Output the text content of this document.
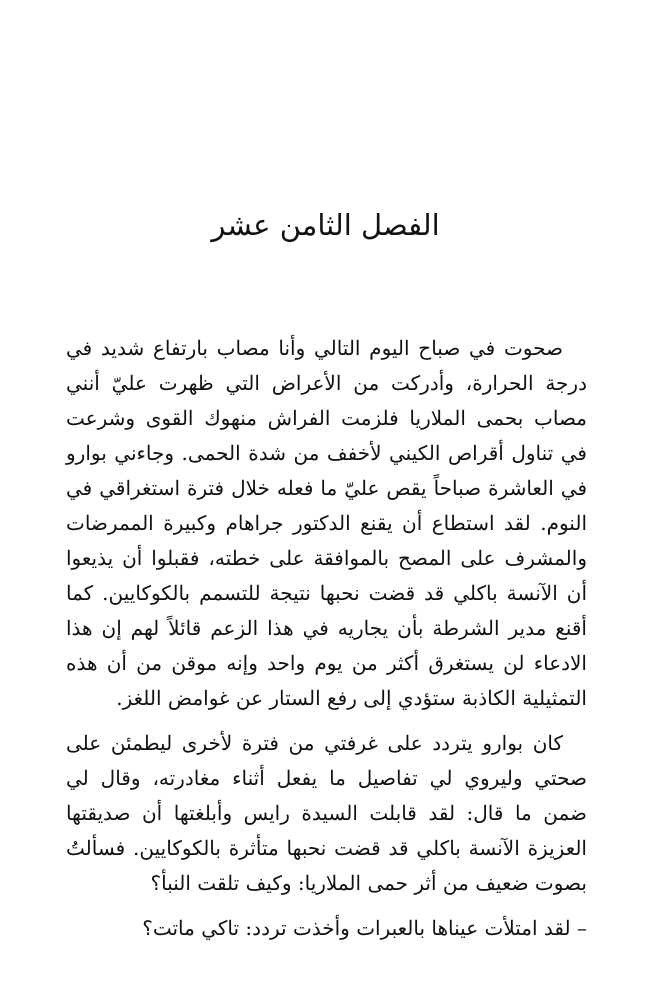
الفصل الثامن عشر

صحوت في صباح اليوم التالي وأنا مصاب بارتفاع شديد في درجة الحرارة، وأدركت من الأعراض التي ظهرت عليّ أنني مصاب بحمى الملاريا فلزمت الفراش منهوك القوى وشرعت في تناول أقراص الكيني لأخفف من شدة الحمى. وجاءني بوارو في العاشرة صباحاً يقص عليّ ما فعله خلال فترة استغراقي في النوم. لقد استطاع أن يقنع الدكتور جراهام وكبيرة الممرضات والمشرف على المصح بالموافقة على خطته، فقبلوا أن يذيعوا أن الآنسة باكلي قد قضت نحبها نتيجة للتسمم بالكوكايين. كما أقنع مدير الشرطة بأن يجاريه في هذا الزعم قائلاً لهم إن هذا الادعاء لن يستغرق أكثر من يوم واحد وإنه موقن من أن هذه التمثيلية الكاذبة ستؤدي إلى رفع الستار عن غوامض اللغز.

كان بوارو يتردد على غرفتي من فترة لأخرى ليطمئن على صحتي وليروي لي تفاصيل ما يفعل أثناء مغادرته، وقال لي ضمن ما قال: لقد قابلت السيدة رايس وأبلغتها أن صديقتها العزيزة الآنسة باكلي قد قضت نحبها متأثرة بالكوكايين. فسألتُ بصوت ضعيف من أثر حمى الملاريا: وكيف تلقت النبأ؟

– لقد امتلأت عيناها بالعبرات وأخذت تردد: تاكي ماتت؟
